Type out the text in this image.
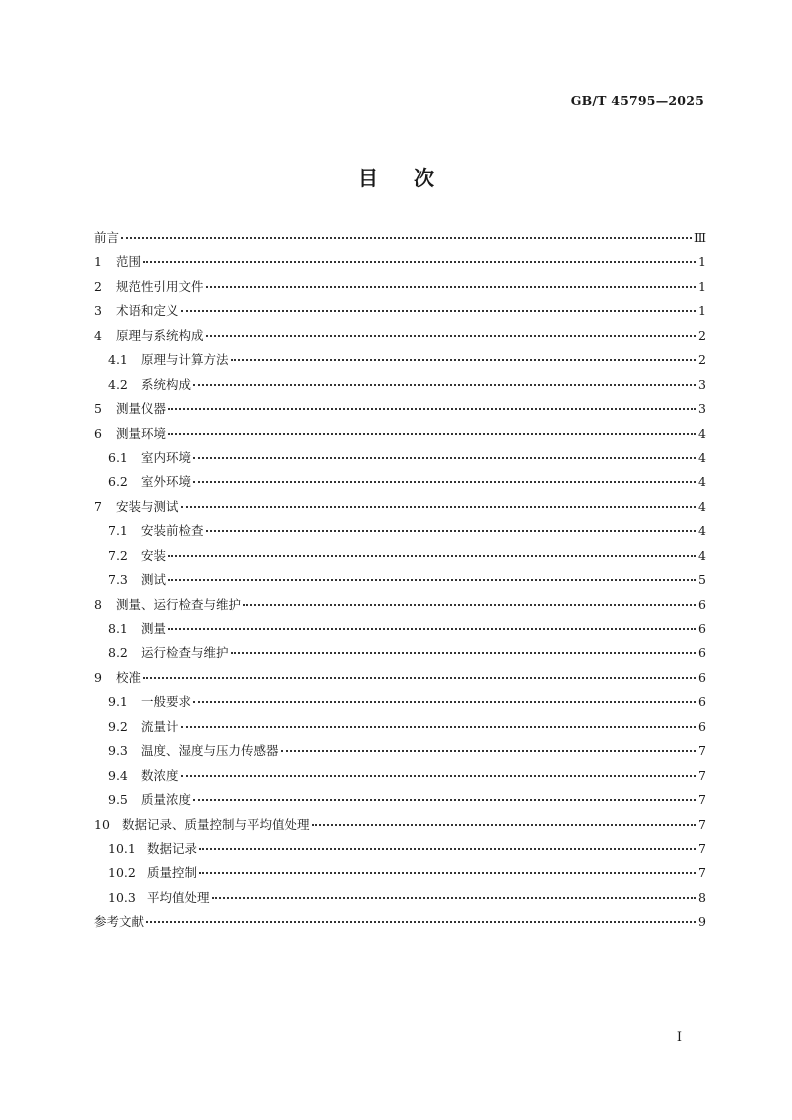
GB/T 45795—2025
目次
前言	Ⅲ
1	范围	1
2	规范性引用文件	1
3	术语和定义	1
4	原理与系统构成	2
4.1	原理与计算方法	2
4.2	系统构成	3
5	测量仪器	3
6	测量环境	4
6.1	室内环境	4
6.2	室外环境	4
7	安装与测试	4
7.1	安装前检查	4
7.2	安装	4
7.3	测试	5
8	测量、运行检查与维护	6
8.1	测量	6
8.2	运行检查与维护	6
9	校准	6
9.1	一般要求	6
9.2	流量计	6
9.3	温度、湿度与压力传感器	7
9.4	数浓度	7
9.5	质量浓度	7
10 数据记录、质量控制与平均值处理	7
10.1 数据记录	7
10.2 质量控制	7
10.3 平均值处理	8
参考文献	9
I
